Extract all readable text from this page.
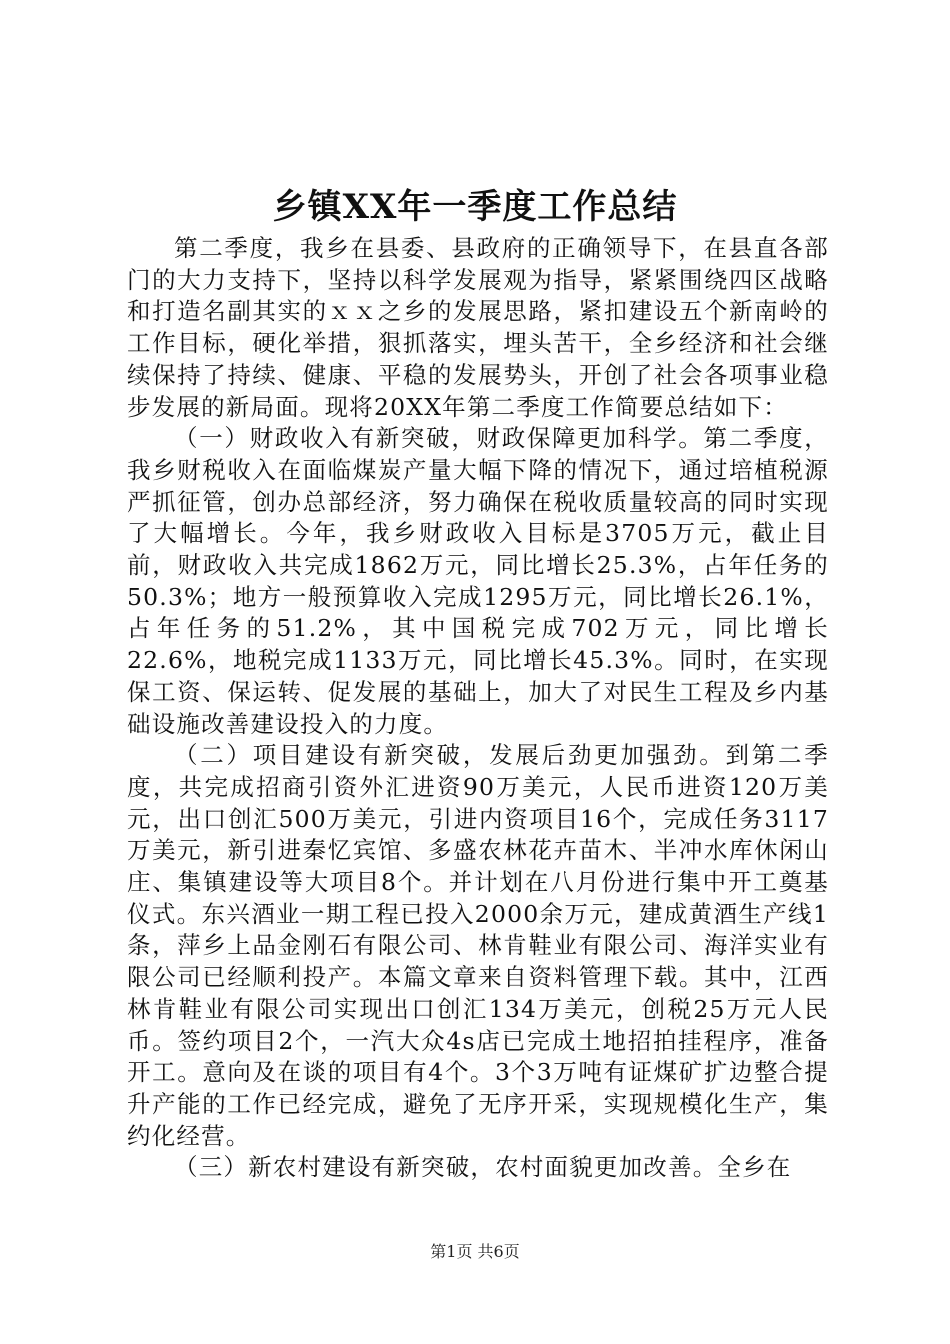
乡镇XX年一季度工作总结

第二季度，我乡在县委、县政府的正确领导下，在县直各部门的大力支持下，坚持以科学发展观为指导，紧紧围绕四区战略和打造名副其实的ｘｘ之乡的发展思路，紧扣建设五个新南岭的工作目标，硬化举措，狠抓落实，埋头苦干，全乡经济和社会继续保持了持续、健康、平稳的发展势头，开创了社会各项事业稳步发展的新局面。现将20XX年第二季度工作简要总结如下：

（一）财政收入有新突破，财政保障更加科学。第二季度，我乡财税收入在面临煤炭产量大幅下降的情况下，通过培植税源严抓征管，创办总部经济，努力确保在税收质量较高的同时实现了大幅增长。今年，我乡财政收入目标是3705万元，截止目前，财政收入共完成1862万元，同比增长25.3%，占年任务的50.3%；地方一般预算收入完成1295万元，同比增长26.1%，占年任务的51.2%，其中国税完成702万元，同比增长22.6%，地税完成1133万元，同比增长45.3%。同时，在实现保工资、保运转、促发展的基础上，加大了对民生工程及乡内基础设施改善建设投入的力度。

（二）项目建设有新突破，发展后劲更加强劲。到第二季度，共完成招商引资外汇进资90万美元，人民币进资120万美元，出口创汇500万美元，引进内资项目16个，完成任务3117万美元，新引进秦忆宾馆、多盛农林花卉苗木、半冲水库休闲山庄、集镇建设等大项目8个。并计划在八月份进行集中开工奠基仪式。东兴酒业一期工程已投入2000余万元，建成黄酒生产线1条，萍乡上品金刚石有限公司、林肯鞋业有限公司、海洋实业有限公司已经顺利投产。本篇文章来自资料管理下载。其中，江西林肯鞋业有限公司实现出口创汇134万美元，创税25万元人民币。签约项目2个，一汽大众4s店已完成土地招拍挂程序，准备开工。意向及在谈的项目有4个。3个3万吨有证煤矿扩边整合提升产能的工作已经完成，避免了无序开采，实现规模化生产，集约化经营。

（三）新农村建设有新突破，农村面貌更加改善。全乡在

第1页 共6页
